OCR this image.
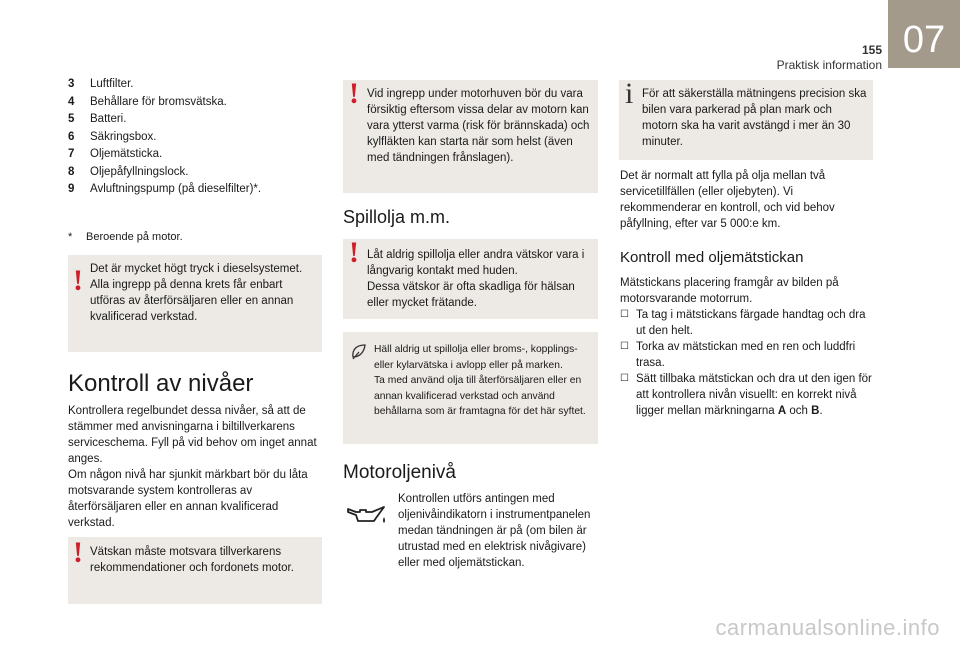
155
Praktisk information
07
3	Luftfilter.
4	Behållare för bromsvätska.
5	Batteri.
6	Säkringsbox.
7	Oljemätsticka.
8	Oljepåfyllningslock.
9	Avluftningspump (på dieselfilter)*.
* Beroende på motor.
! Det är mycket högt tryck i dieselsystemet. Alla ingrepp på denna krets får enbart utföras av återförsäljaren eller en annan kvalificerad verkstad.
Kontroll av nivåer
Kontrollera regelbundet dessa nivåer, så att de stämmer med anvisningarna i biltillverkarens serviceschema. Fyll på vid behov om inget annat anges.
Om någon nivå har sjunkit märkbart bör du låta motsvarande system kontrolleras av återförsäljaren eller en annan kvalificerad verkstad.
! Vätskan måste motsvara tillverkarens rekommendationer och fordonets motor.
! Vid ingrepp under motorhuven bör du vara försiktig eftersom vissa delar av motorn kan vara ytterst varma (risk för brännskada) och kylfläkten kan starta när som helst (även med tändningen frånslagen).
Spillolja m.m.
! Låt aldrig spillolja eller andra vätskor vara i långvarig kontakt med huden.
Dessa vätskor är ofta skadliga för hälsan eller mycket frätande.
Häll aldrig ut spillolja eller broms-, kopplings- eller kylarvätska i avlopp eller på marken.
Ta med använd olja till återförsäljaren eller en annan kvalificerad verkstad och använd behållarna som är framtagna för det här syftet.
Motoroljenivå
Kontrollen utförs antingen med oljenivåindikatorn i instrumentpanelen medan tändningen är på (om bilen är utrustad med en elektrisk nivågivare) eller med oljemätstickan.
i För att säkerställa mätningens precision ska bilen vara parkerad på plan mark och motorn ska ha varit avstängd i mer än 30 minuter.
Det är normalt att fylla på olja mellan två servicetillfällen (eller oljebyten). Vi rekommenderar en kontroll, och vid behov påfyllning, efter var 5 000:e km.
Kontroll med oljemätstickan
Mätstickans placering framgår av bilden på motorsvarande motorrum.
☐ Ta tag i mätstickans färgade handtag och dra ut den helt.
☐ Torka av mätstickan med en ren och luddfri trasa.
☐ Sätt tillbaka mätstickan och dra ut den igen för att kontrollera nivån visuellt: en korrekt nivå ligger mellan märkningarna A och B.
carmanualsonline.info
